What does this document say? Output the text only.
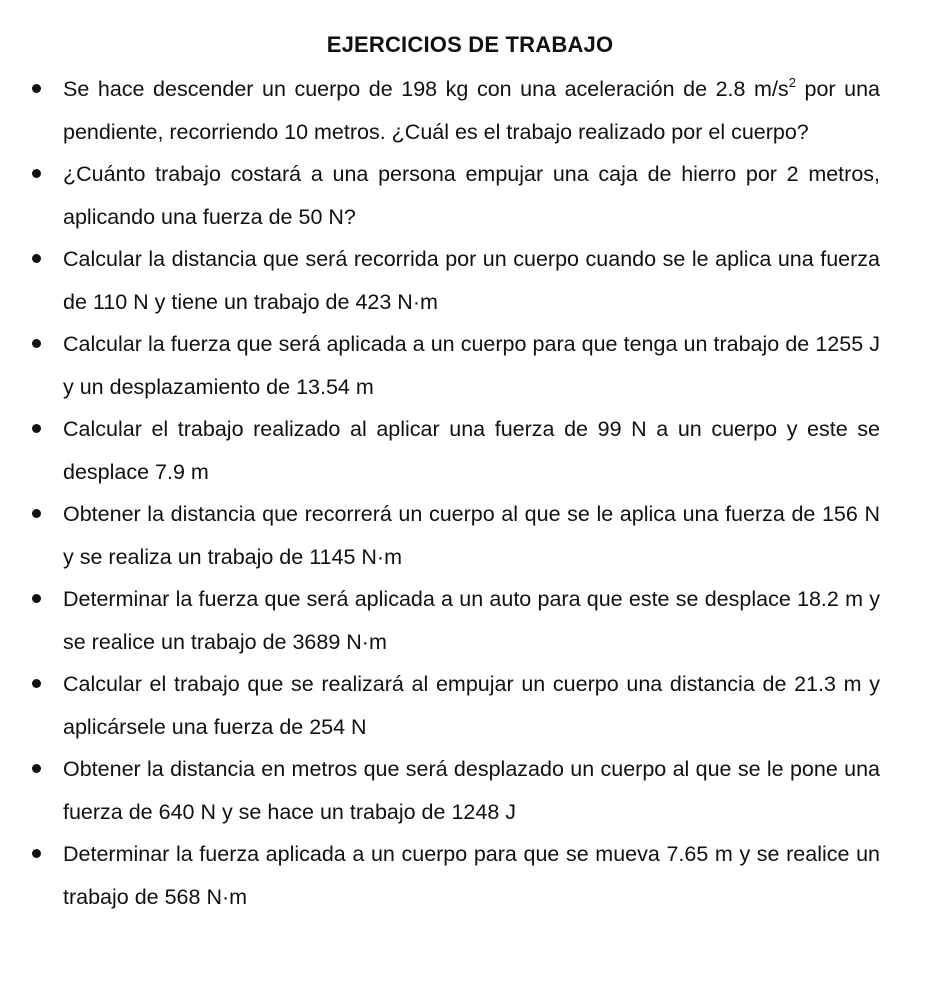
EJERCICIOS DE TRABAJO
Se hace descender un cuerpo de 198 kg con una aceleración de 2.8 $m/s^2$ por una pendiente, recorriendo 10 metros. ¿Cuál es el trabajo realizado por el cuerpo?
¿Cuánto trabajo costará a una persona empujar una caja de hierro por 2 metros, aplicando una fuerza de 50 N?
Calcular la distancia que será recorrida por un cuerpo cuando se le aplica una fuerza de 110 N y tiene un trabajo de 423 N·m
Calcular la fuerza que será aplicada a un cuerpo para que tenga un trabajo de 1255 J y un desplazamiento de 13.54 m
Calcular el trabajo realizado al aplicar una fuerza de 99 N a un cuerpo y este se desplace 7.9 m
Obtener la distancia que recorrerá un cuerpo al que se le aplica una fuerza de 156 N y se realiza un trabajo de 1145 N·m
Determinar la fuerza que será aplicada a un auto para que este se desplace 18.2 m y se realice un trabajo de 3689 N·m
Calcular el trabajo que se realizará al empujar un cuerpo una distancia de 21.3 m y aplicársele una fuerza de 254 N
Obtener la distancia en metros que será desplazado un cuerpo al que se le pone una fuerza de 640 N y se hace un trabajo de 1248 J
Determinar la fuerza aplicada a un cuerpo para que se mueva 7.65 m y se realice un trabajo de 568 N·m
